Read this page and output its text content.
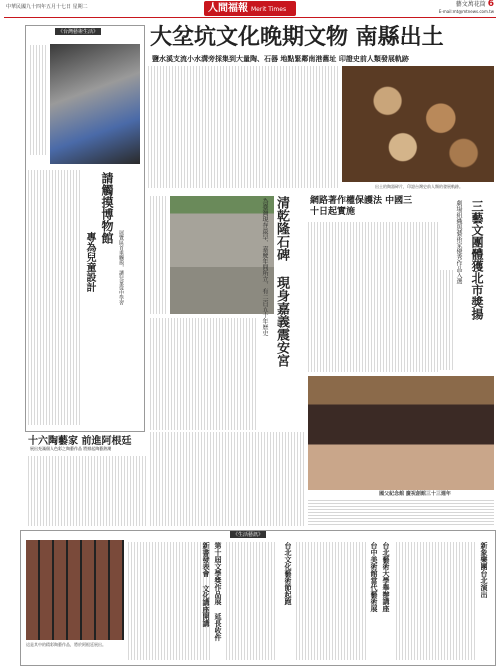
中華民國九十四年五月十七日 星期二	人間福報 Merit Times
藝文萬花筒 6
E-mail:mt@mtnews.com.tw
《台灣藝術生活》
請觸摸博物館
專為兒童設計	展覽區首重觸摸，讓兒童從中學習
大坌坑文化晚期文物 南縣出土
鹽水溪支流小水溝旁採集到大量陶、石器 地點緊鄰南港舊址 印證史前人類發展軌跡
出土的陶器碎片，印證台灣史前人類的發展軌跡。
清乾隆石碑 現身嘉義震安宮
為臺灣現存最早、嘉慶年間所立、有二百五十年歷史	網路著作權保護法 中國三十日起實施	三藝文團體獲北市獎揚
劇場組織與藝術家優秀作品入選
國父紀念館 慶祝創館三十三週年
十六陶藝家 前進阿根廷
展出充滿個人色彩之陶藝作品 將掀起陶藝熱潮
《生活藝訊》
這是其中的精彩陶藝作品，將於阿根廷展出。
第十屆文學獎作品展 延長收件
新書發表會 文化講座開講	台北文化藝術節起跑	台中美術館當代藝術展 台北藝術大學舉辦講座	新象樂團台北演出
